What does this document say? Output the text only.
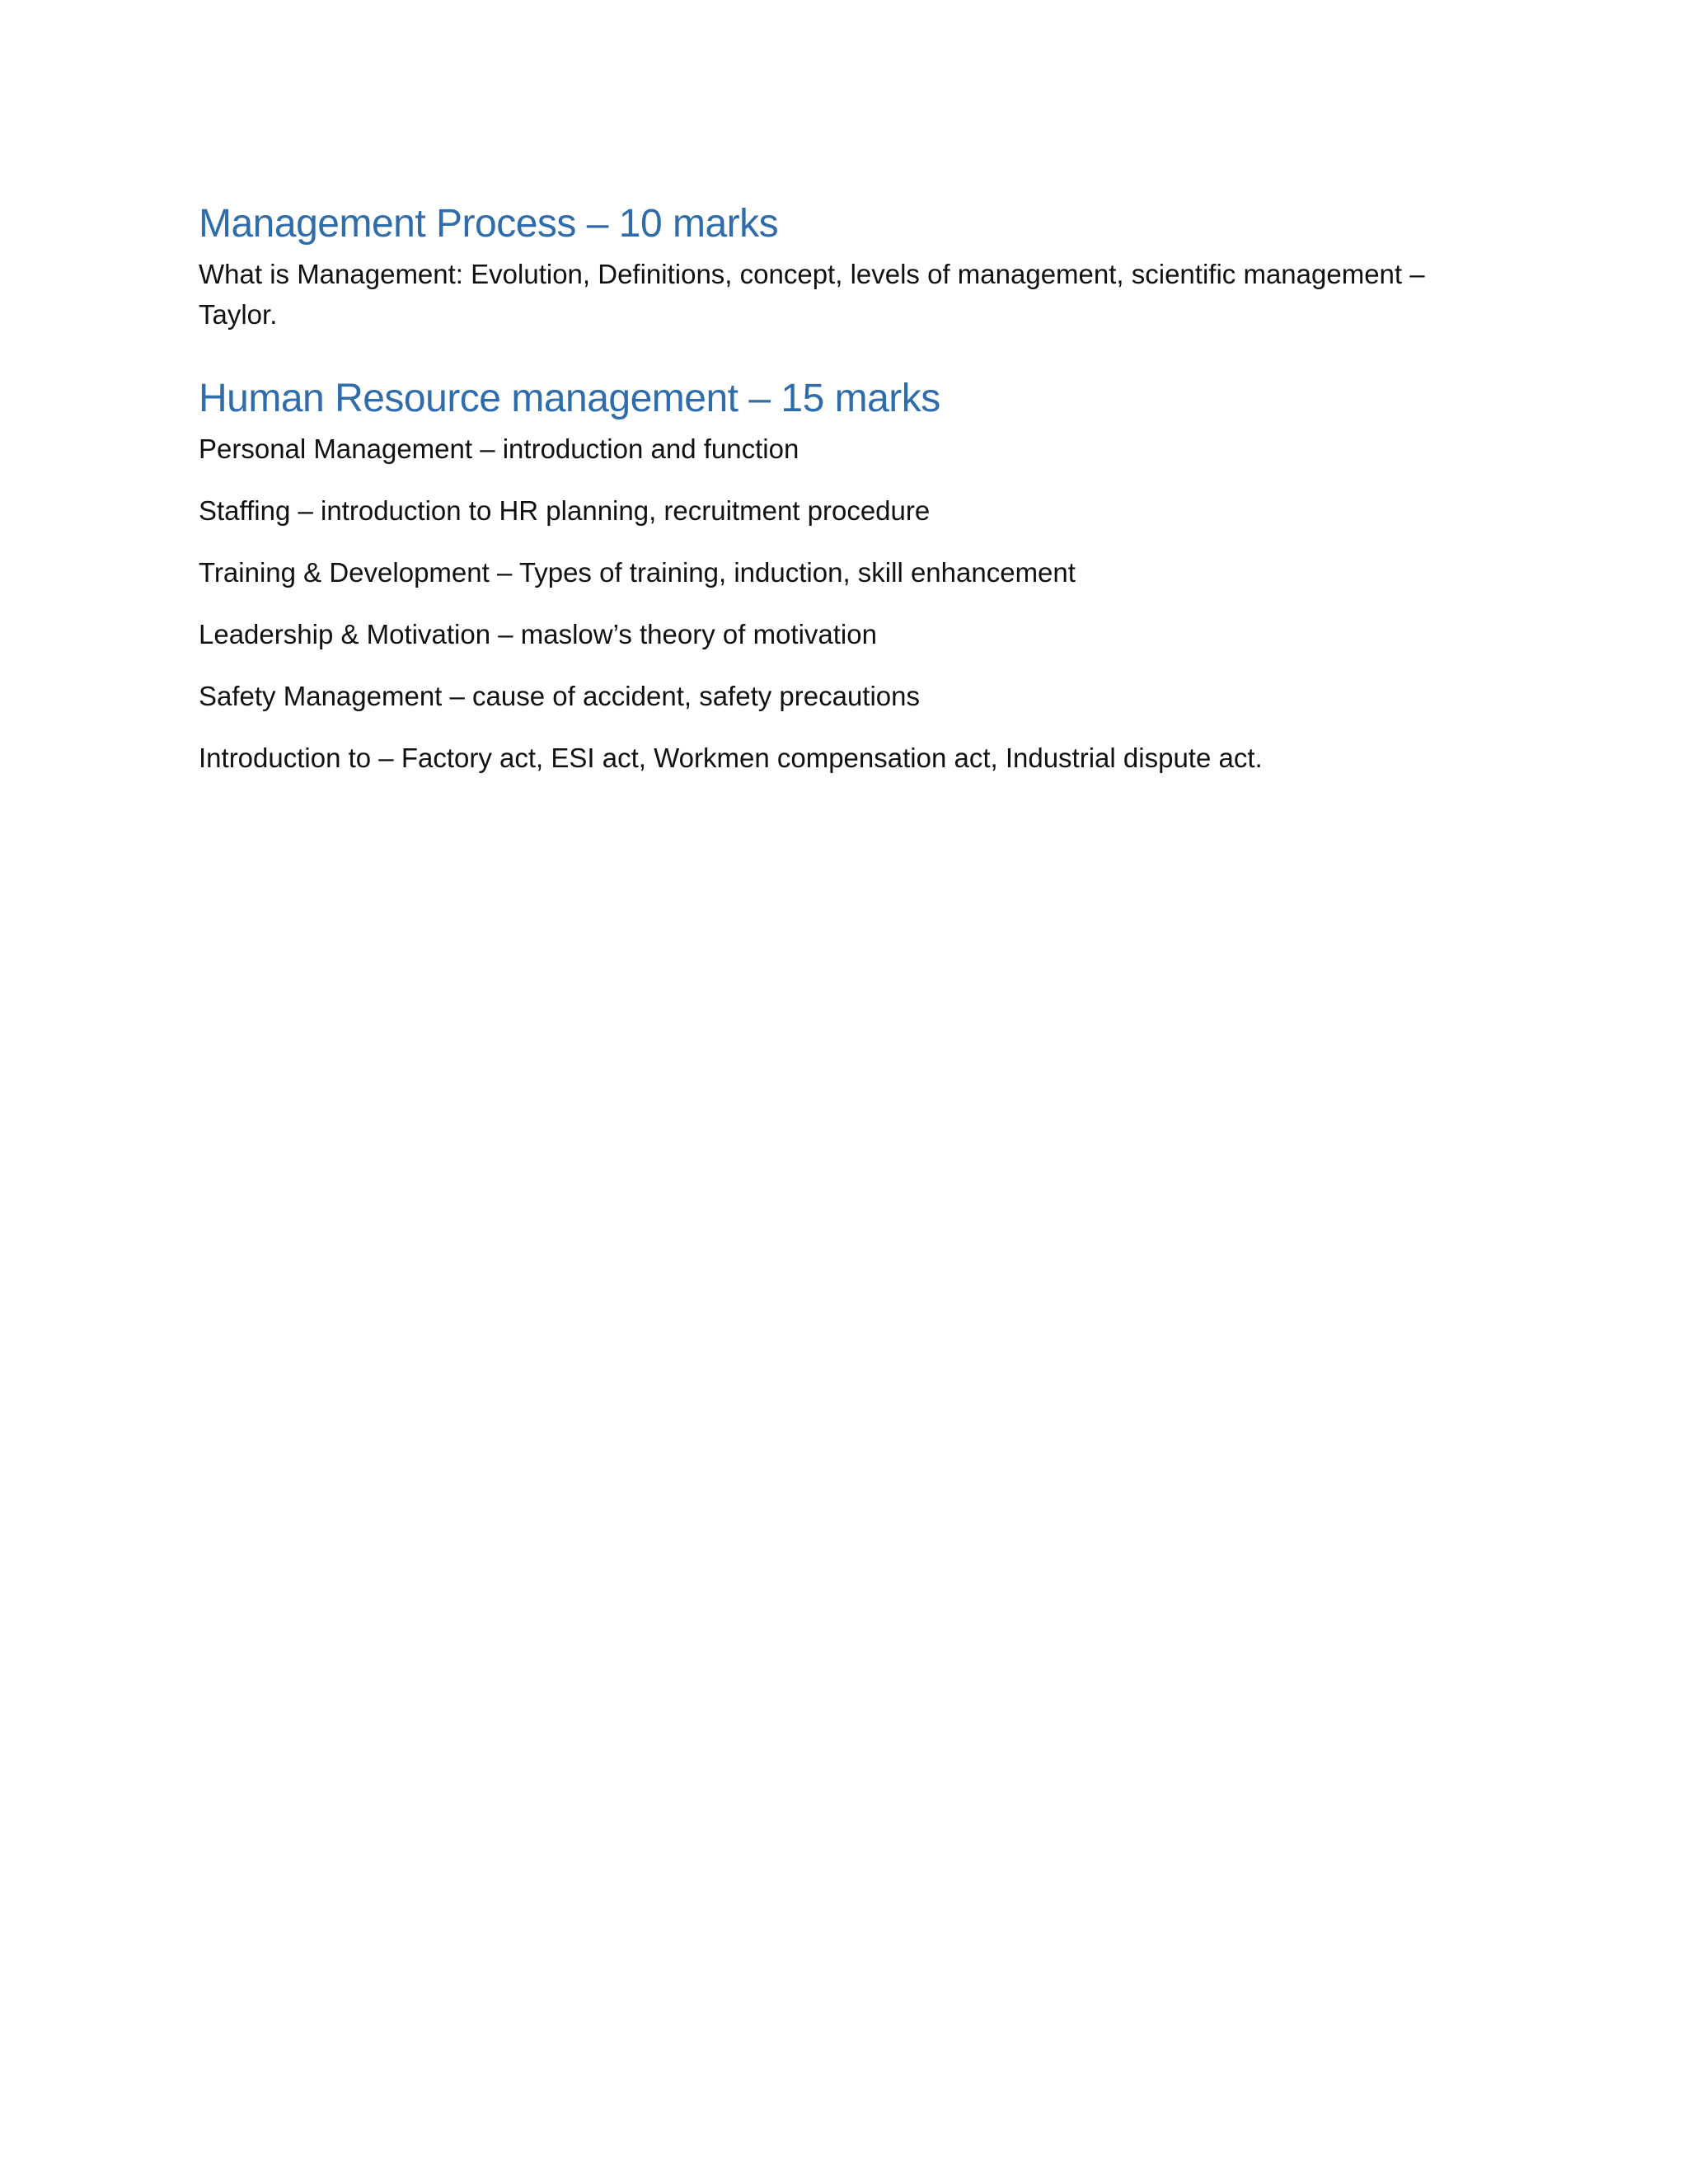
Management Process – 10 marks

What is Management: Evolution, Definitions, concept, levels of management, scientific management – Taylor.

Human Resource management – 15 marks
Personal Management – introduction and function
Staffing – introduction to HR planning, recruitment procedure
Training & Development – Types of training, induction, skill enhancement
Leadership & Motivation – maslow’s theory of motivation
Safety Management – cause of accident, safety precautions
Introduction to – Factory act, ESI act, Workmen compensation act, Industrial dispute act.
